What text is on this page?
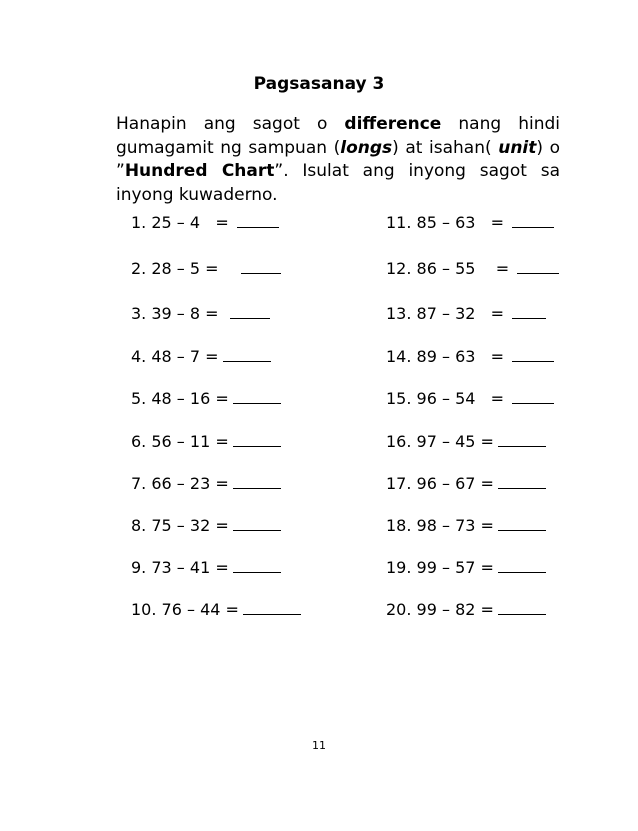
Pagsasanay 3
Hanapin ang sagot o difference nang hindi gumagamit ng sampuan (longs) at isahan( unit) o ”Hundred Chart”. Isulat ang inyong sagot sa inyong kuwaderno.
1. 25 – 4   =
2. 28 – 5 =
3. 39 – 8 =
4. 48 – 7 =
5. 48 – 16 =
6. 56 – 11 =
7. 66 – 23 =
8. 75 – 32 =
9. 73 – 41 =
10. 76 – 44 =
11. 85 – 63   =
12. 86 – 55    =
13. 87 – 32   =
14. 89 – 63   =
15. 96 – 54   =
16. 97 – 45 =
17. 96 – 67 =
18. 98 – 73 =
19. 99 – 57 =
20. 99 – 82 =
11
